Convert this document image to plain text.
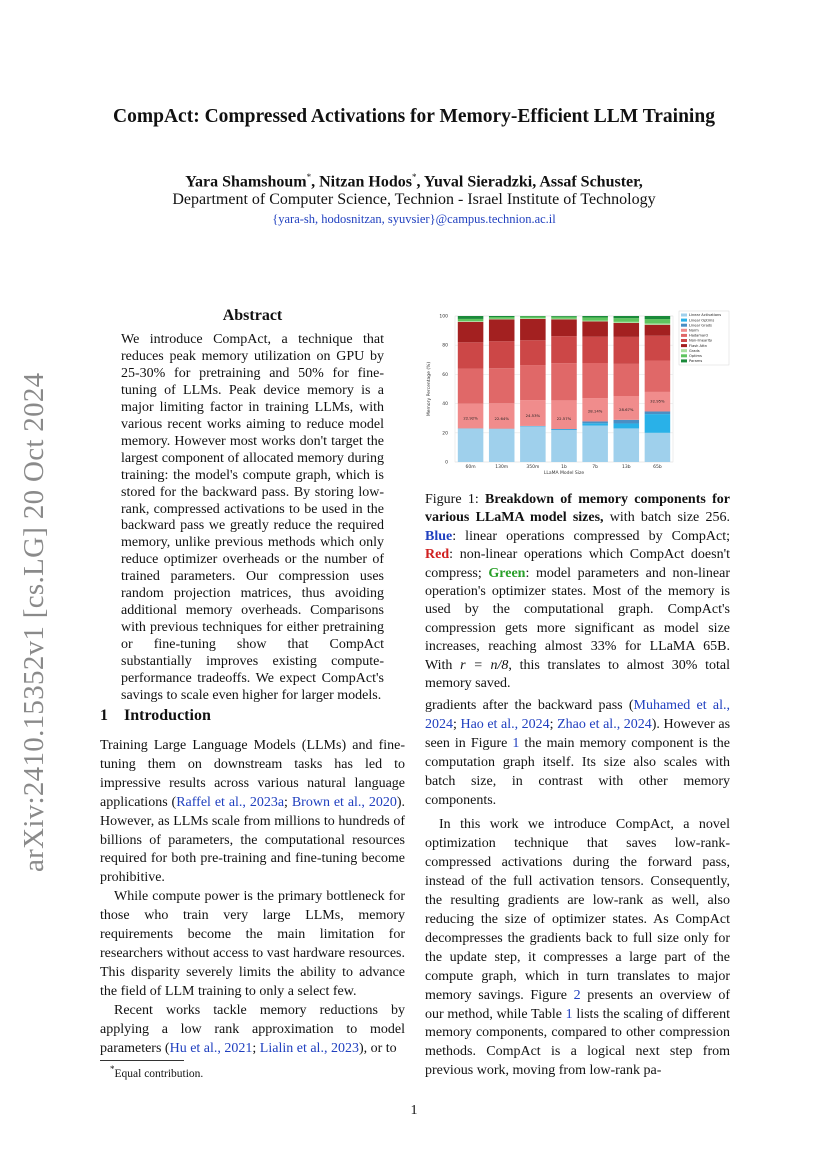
CompAct: Compressed Activations for Memory-Efficient LLM Training
Yara Shamshoum*, Nitzan Hodos*, Yuval Sieradzki, Assaf Schuster,
Department of Computer Science, Technion - Israel Institute of Technology
{yara-sh, hodosnitzan, syuvsier}@campus.technion.ac.il
arXiv:2410.15352v1 [cs.LG] 20 Oct 2024
Abstract

We introduce CompAct, a technique that reduces peak memory utilization on GPU by 25-30% for pretraining and 50% for fine-tuning of LLMs. Peak device memory is a major limiting factor in training LLMs, with various recent works aiming to reduce model memory. However most works don't target the largest component of allocated memory during training: the model's compute graph, which is stored for the backward pass. By storing low-rank, compressed activations to be used in the backward pass we greatly reduce the required memory, unlike previous methods which only reduce optimizer overheads or the number of trained parameters. Our compression uses random projection matrices, thus avoiding additional memory overheads. Comparisons with previous techniques for either pretraining or fine-tuning show that CompAct substantially improves existing compute-performance tradeoffs. We expect CompAct's savings to scale even higher for larger models.

1 Introduction

Training Large Language Models (LLMs) and fine-tuning them on downstream tasks has led to impressive results across various natural language applications (Raffel et al., 2023a; Brown et al., 2020). However, as LLMs scale from millions to hundreds of billions of parameters, the computational resources required for both pre-training and fine-tuning become prohibitive.

While compute power is the primary bottleneck for those who train very large LLMs, memory requirements become the main limitation for researchers without access to vast hardware resources. This disparity severely limits the ability to advance the field of LLM training to only a select few.

Recent works tackle memory reductions by applying a low rank approximation to model parameters (Hu et al., 2021; Lialin et al., 2023), or to

*Equal contribution.
0
20
40
60
80
100
22.92%
60m
22.64%
130m
24.53%
350m
22.57%
1b
28.14%
7b
28.67%
13b
32.95%
65b
LLaMA Model Size
Memory Percentage (%)
Linear Activations
Linear Optims
Linear Grads
Norm
Hadamard
Non-linearity
Flash Attn
Grads
Optims
Params
Figure 1: Breakdown of memory components for various LLaMA model sizes, with batch size 256. Blue: linear operations compressed by CompAct; Red: non-linear operations which CompAct doesn't compress; Green: model parameters and non-linear operation's optimizer states. Most of the memory is used by the computational graph. CompAct's compression gets more significant as model size increases, reaching almost 33% for LLaMA 65B. With r = n/8, this translates to almost 30% total memory saved.

gradients after the backward pass (Muhamed et al., 2024; Hao et al., 2024; Zhao et al., 2024). However as seen in Figure 1 the main memory component is the computation graph itself. Its size also scales with batch size, in contrast with other memory components.

In this work we introduce CompAct, a novel optimization technique that saves low-rank-compressed activations during the forward pass, instead of the full activation tensors. Consequently, the resulting gradients are low-rank as well, also reducing the size of optimizer states. As CompAct decompresses the gradients back to full size only for the update step, it compresses a large part of the compute graph, which in turn translates to major memory savings. Figure 2 presents an overview of our method, while Table 1 lists the scaling of different memory components, compared to other compression methods. CompAct is a logical next step from previous work, moving from low-rank pa-

1
